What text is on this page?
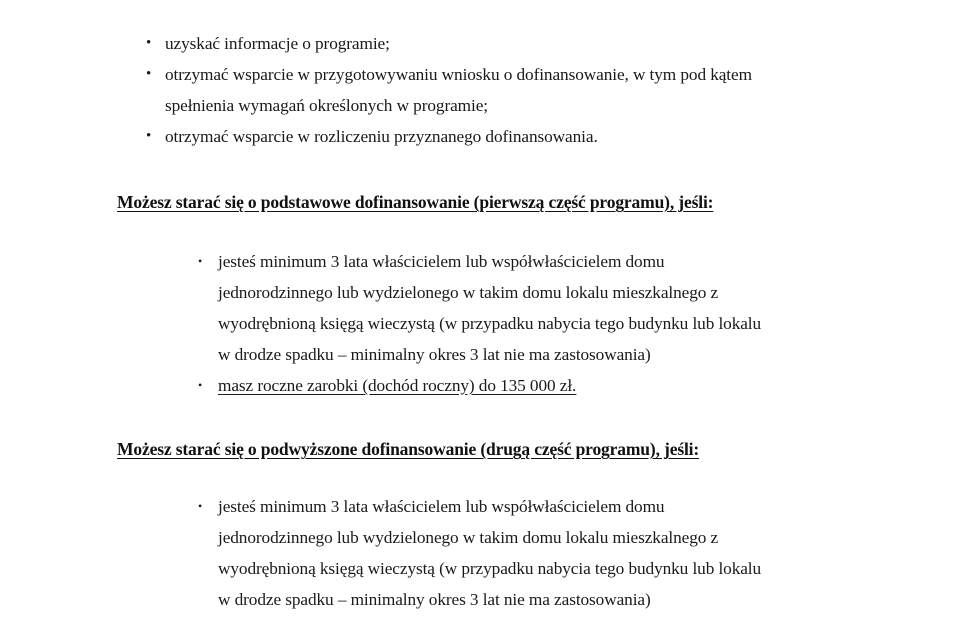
• uzyskać informacje o programie;
• otrzymać wsparcie w przygotowywaniu wniosku o dofinansowanie, w tym pod kątem
spełnienia wymagań określonych w programie;
• otrzymać wsparcie w rozliczeniu przyznanego dofinansowania.
Możesz starać się o podstawowe dofinansowanie (pierwszą część programu), jeśli:
• jesteś minimum 3 lata właścicielem lub współwłaścicielem domu
jednorodzinnego lub wydzielonego w takim domu lokalu mieszkalnego z
wyodrębnioną księgą wieczystą (w przypadku nabycia tego budynku lub lokalu
w drodze spadku – minimalny okres 3 lat nie ma zastosowania)
• masz roczne zarobki (dochód roczny) do 135 000 zł.
Możesz starać się o podwyższone dofinansowanie (drugą część programu), jeśli:
• jesteś minimum 3 lata właścicielem lub współwłaścicielem domu
jednorodzinnego lub wydzielonego w takim domu lokalu mieszkalnego z
wyodrębnioną księgą wieczystą (w przypadku nabycia tego budynku lub lokalu
w drodze spadku – minimalny okres 3 lat nie ma zastosowania)
